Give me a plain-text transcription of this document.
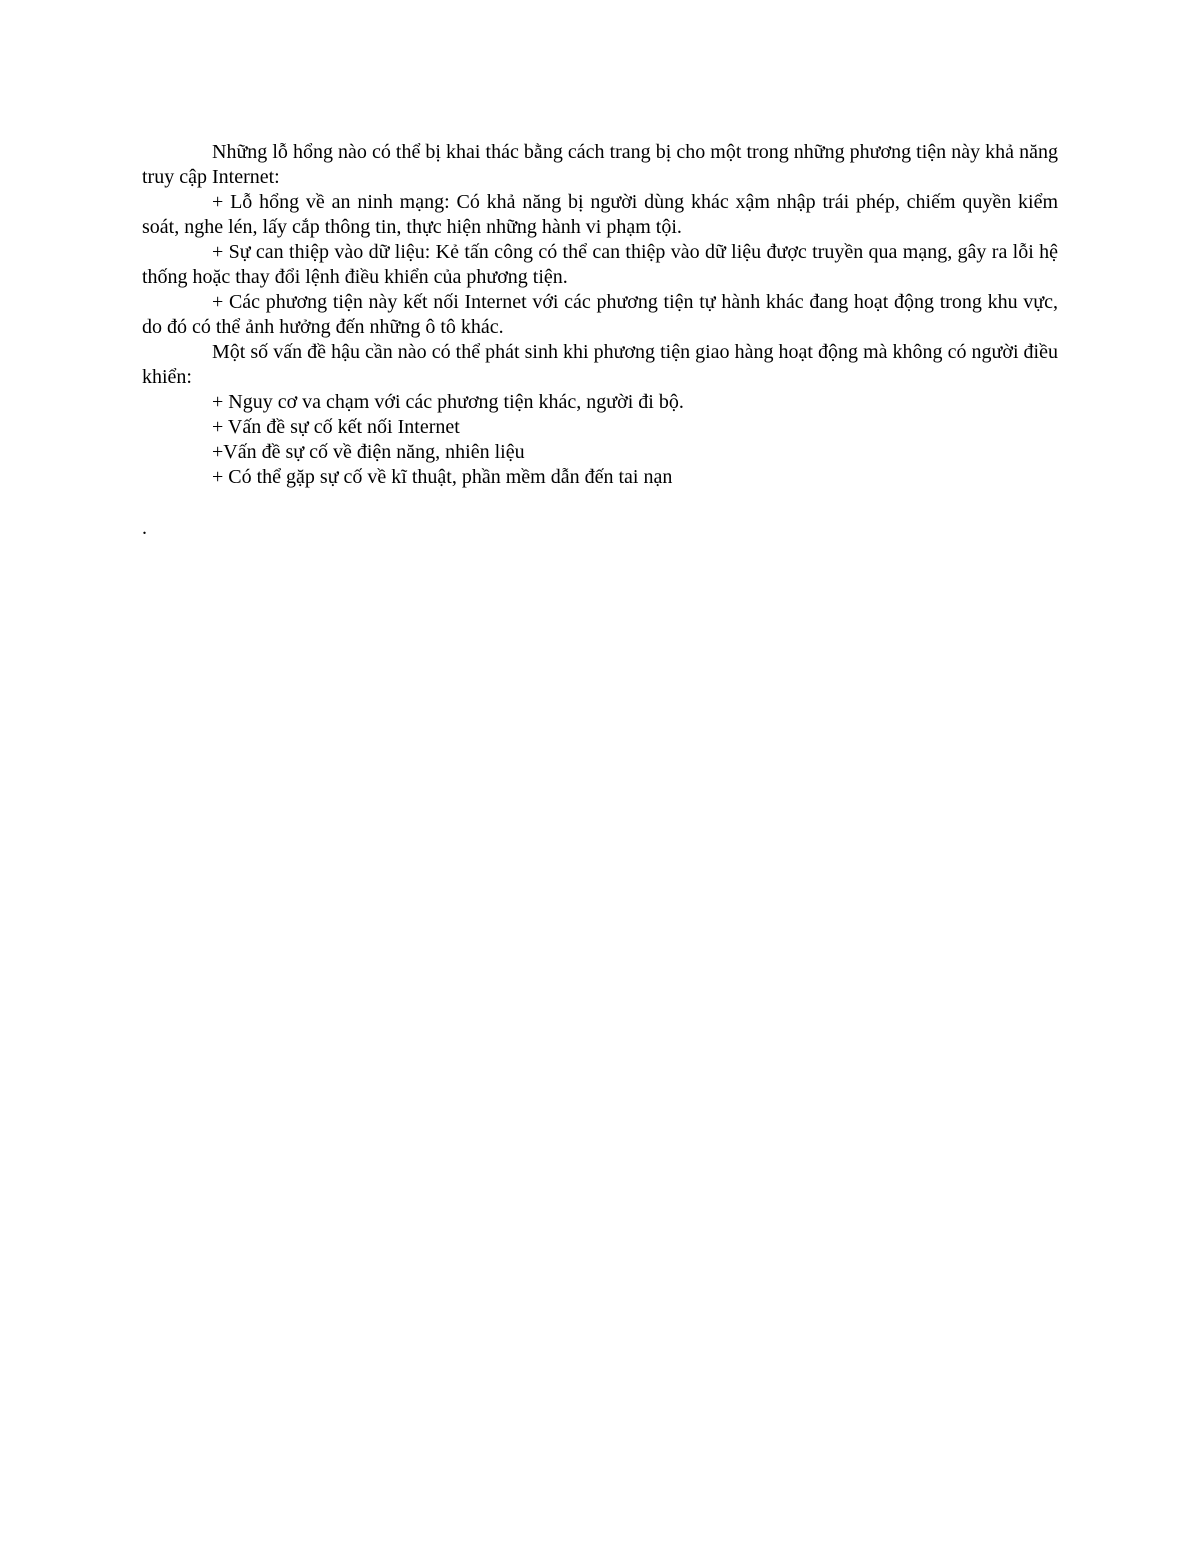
Những lỗ hổng nào có thể bị khai thác bằng cách trang bị cho một trong những phương tiện này khả năng truy cập Internet:

+ Lỗ hổng về an ninh mạng: Có khả năng bị người dùng khác xậm nhập trái phép, chiếm quyền kiểm soát, nghe lén, lấy cắp thông tin, thực hiện những hành vi phạm tội.

+ Sự can thiệp vào dữ liệu: Kẻ tấn công có thể can thiệp vào dữ liệu được truyền qua mạng, gây ra lỗi hệ thống hoặc thay đổi lệnh điều khiển của phương tiện.

+ Các phương tiện này kết nối Internet với các phương tiện tự hành khác đang hoạt động trong khu vực, do đó có thể ảnh hưởng đến những ô tô khác.

Một số vấn đề hậu cần nào có thể phát sinh khi phương tiện giao hàng hoạt động mà không có người điều khiển:

+ Nguy cơ va chạm với các phương tiện khác, người đi bộ.

+ Vấn đề sự cố kết nối Internet

+Vấn đề sự cố về điện năng, nhiên liệu

+ Có thể gặp sự cố về kĩ thuật, phần mềm dẫn đến tai nạn

.
